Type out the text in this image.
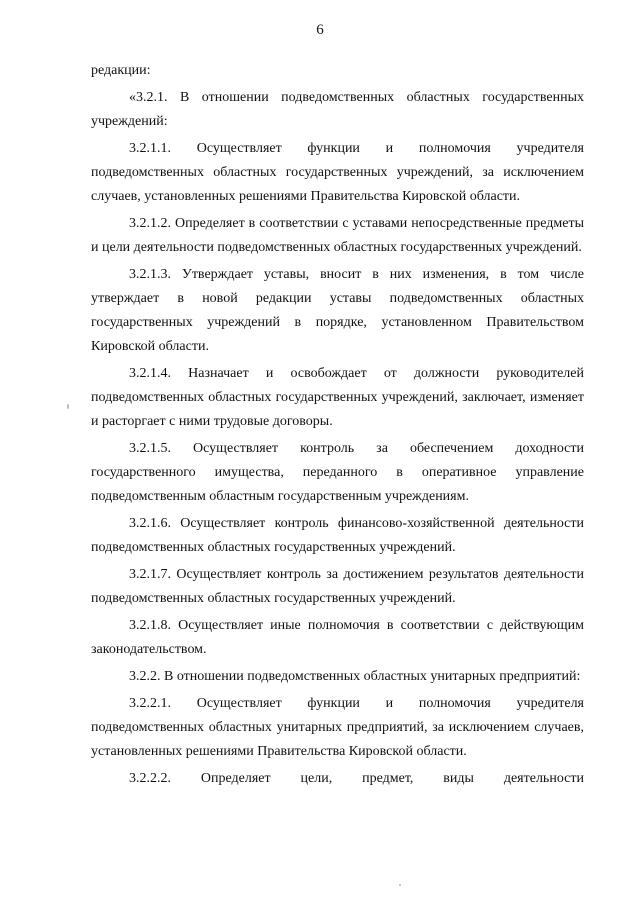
6

редакции:

«3.2.1. В отношении подведомственных областных государственных учреждений:

3.2.1.1. Осуществляет функции и полномочия учредителя подведомственных областных государственных учреждений, за исключением случаев, установленных решениями Правительства Кировской области.

3.2.1.2. Определяет в соответствии с уставами непосредственные предметы и цели деятельности подведомственных областных государственных учреждений.

3.2.1.3. Утверждает уставы, вносит в них изменения, в том числе утверждает в новой редакции уставы подведомственных областных государственных учреждений в порядке, установленном Правительством Кировской области.

3.2.1.4. Назначает и освобождает от должности руководителей подведомственных областных государственных учреждений, заключает, изменяет и расторгает с ними трудовые договоры.

3.2.1.5. Осуществляет контроль за обеспечением доходности государственного имущества, переданного в оперативное управление подведомственным областным государственным учреждениям.

3.2.1.6. Осуществляет контроль финансово-хозяйственной деятельности подведомственных областных государственных учреждений.

3.2.1.7. Осуществляет контроль за достижением результатов деятельности подведомственных областных государственных учреждений.

3.2.1.8. Осуществляет иные полномочия в соответствии с действующим законодательством.

3.2.2. В отношении подведомственных областных унитарных предприятий:

3.2.2.1. Осуществляет функции и полномочия учредителя подведомственных областных унитарных предприятий, за исключением случаев, установленных решениями Правительства Кировской области.

3.2.2.2. Определяет цели, предмет, виды деятельности
